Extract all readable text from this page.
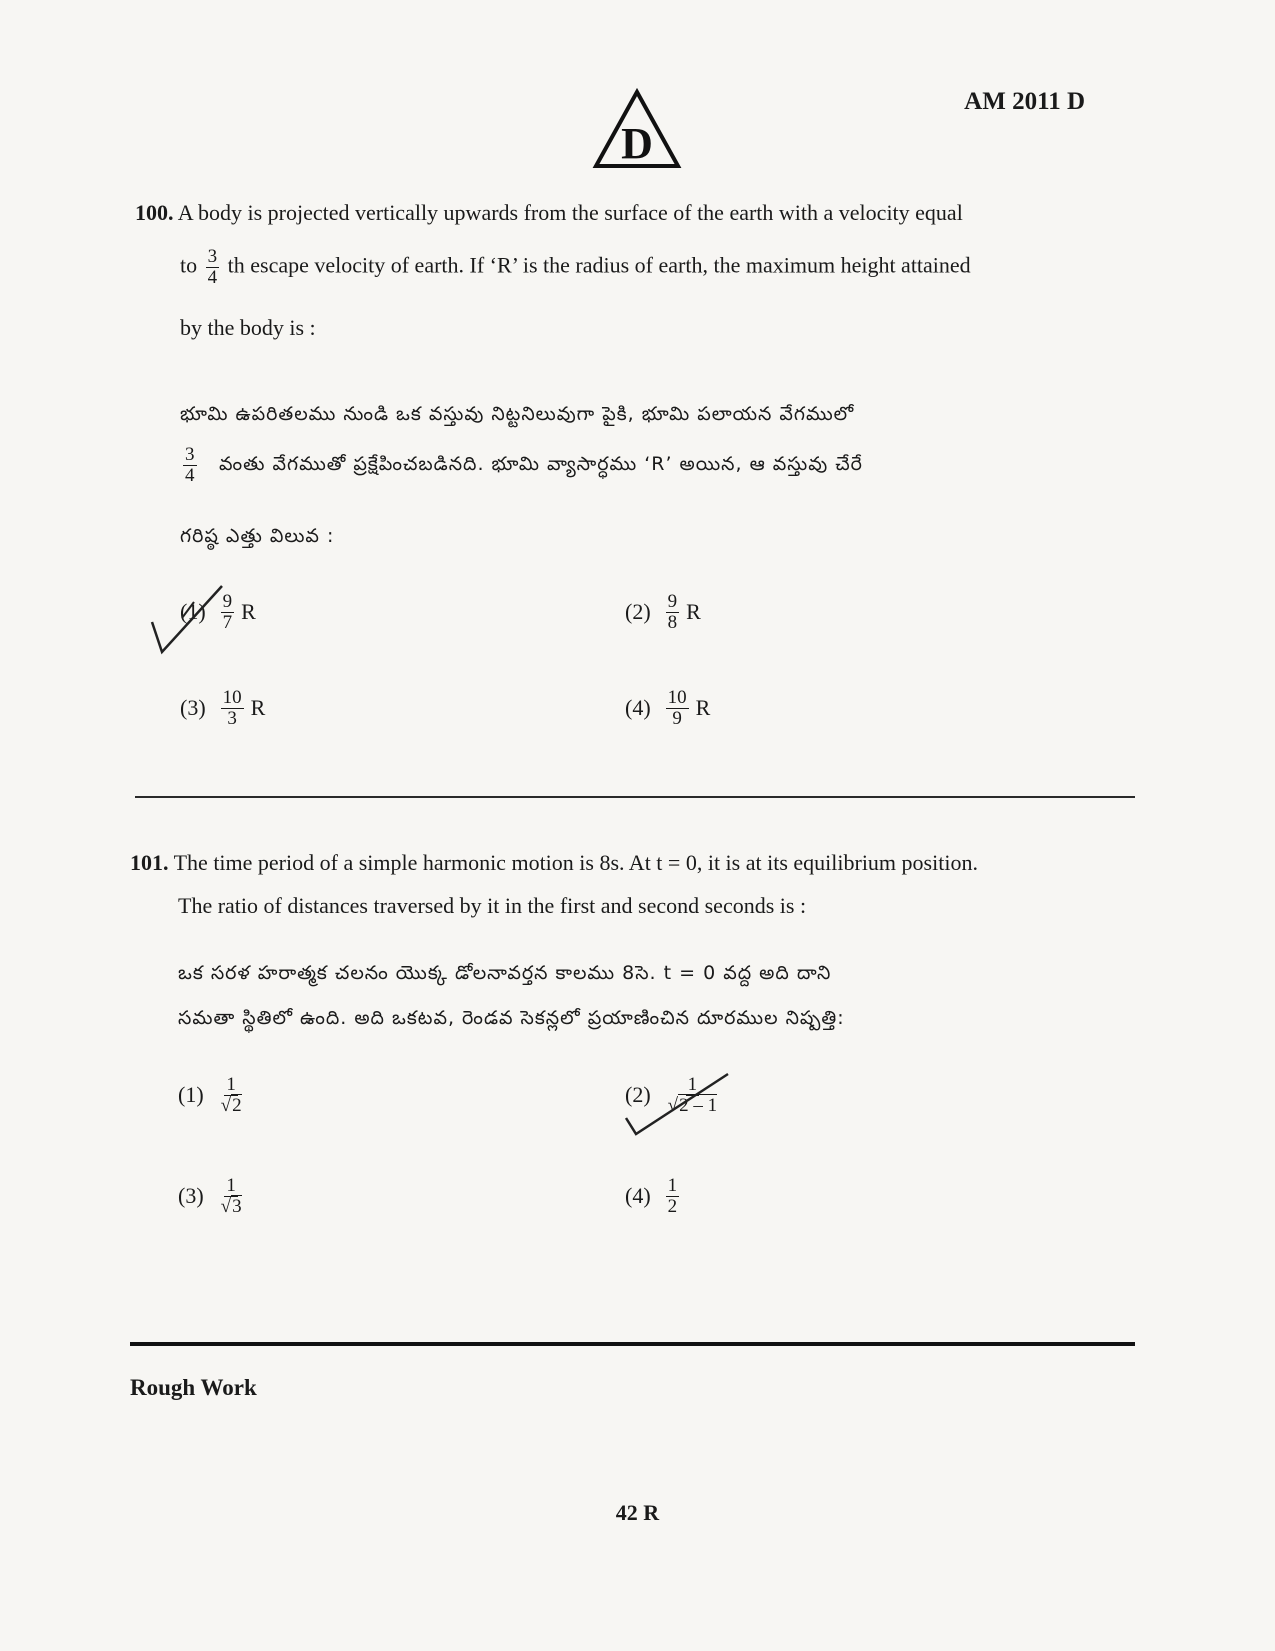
D
AM 2011 D
100. A body is projected vertically upwards from the surface of the earth with a velocity equal
to $\frac{3}{4}$ th escape velocity of earth. If ‘R’ is the radius of earth, the maximum height attained
by the body is :
భూమి ఉపరితలము నుండి ఒక వస్తువు నిట్టనిలువుగా పైకి, భూమి పలాయన వేగములో
$\frac{3}{4}$ వంతు వేగముతో ప్రక్షేపించబడినది. భూమి వ్యాసార్ధము ‘R’ అయిన, ఆ వస్తువు చేరే
గరిష్ఠ ఎత్తు విలువ :
$(1) \frac{9}{7}$ R	$(2) \frac{9}{8}$ R
$(3) \frac{10}{3}$ R	$(4) \frac{10}{9}$ R
101. The time period of a simple harmonic motion is 8s. At t = 0, it is at its equilibrium position.
The ratio of distances traversed by it in the first and second seconds is :
ఒక సరళ హరాత్మక చలనం యొక్క డోలనావర్తన కాలము 8సె. t = 0 వద్ద అది దాని
సమతా స్థితిలో ఉంది. అది ఒకటవ, రెండవ సెకన్లలో ప్రయాణించిన దూరముల నిష్పత్తి:
$(1) \frac{1}{√2}$	$(2) \frac{1}{√2 - 1}$
$(3) \frac{1}{√3}$	$(4) \frac{1}{2}$
Rough Work
42 R
